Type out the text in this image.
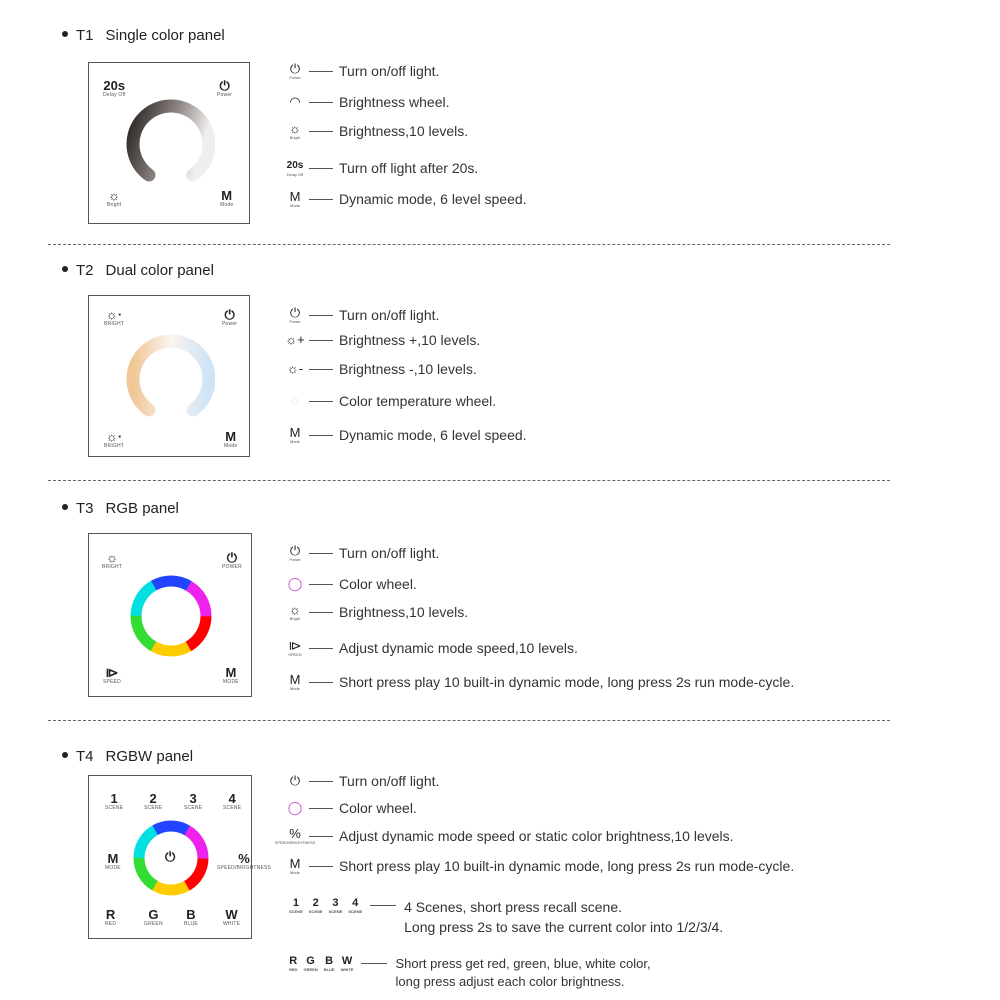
T1 Single color panel
20s
Delay Off
⏻
Power
☼
Bright
M
Mode
⏻
Power	Turn on/off light.
◠	Brightness wheel.
☼
Bright	Brightness,10 levels.
20s
Delay Off	Turn off light after 20s.
M
Mode	Dynamic mode, 6 level speed.
T2 Dual color panel
☼·
BRIGHT
⏻
Power
☼·
BRIGHT
M
Mode
⏻
Power	Turn on/off light.
☼+ Brightness +,10 levels.
☼-	Brightness -,10 levels.
◌	Color temperature wheel.
M
Mode	Dynamic mode, 6 level speed.
T3 RGB panel
☼
BRIGHT
⏻
POWER
⧐
SPEED
M
MODE
⏻
Power	Turn on/off light.
◯	Color wheel.
☼
Bright	Brightness,10 levels.
⧐
SPEED	Adjust dynamic mode speed,10 levels.
M
Mode	Short press play 10 built-in dynamic mode, long press 2s run mode-cycle.
T4 RGBW panel
1
SCENE
2
SCENE
3
SCENE
4
SCENE
M
MODE
%
SPEED/BRIGHTNESS
R
RED
G
GREEN
B
BLUE
W
WHITE
⏻
⏻	Turn on/off light.
◯	Color wheel.
%
SPEED/BRIGHTNESS Adjust dynamic mode speed or static color brightness,10 levels.
M
Mode	Short press play 10 built-in dynamic mode, long press 2s run mode-cycle.
1
SCENE
2
SCENE
3
SCENE
4
SCENE	4 Scenes, short press recall scene.
Long press 2s to save the current color into 1/2/3/4.
R
RED
G
GREEN
B
BLUE
W
WHITE	Short press get red, green, blue, white color,
long press adjust each color brightness.
